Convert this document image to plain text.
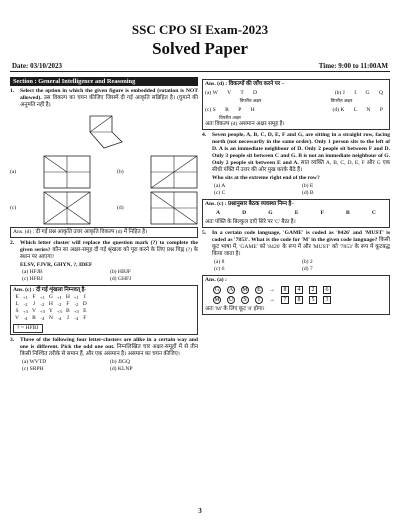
SSC CPO SI Exam-2023
Solved Paper
Date: 03/10/2023	Time: 9:00 to 11:00AM
Section : General Intelligence and Reasoning
1.	Select the option in which the given figure is embedded (rotation is NOT allowed). उस विकल्प का चयन कीजिए जिसमें दी गई आकृति सन्निहित है। (घुमाने की अनुमति नहीं है)
(a)	(b)
(c)	(d)
Ans. (d) : दी गई प्रश्न आकृति उत्तर आकृति विकल्प (d) में निहित है।
2.	Which letter cluster will replace the question mark (?) to complete the given series? कौन सा अक्षर-समूह दी गई श्रृंखला को पूरा करने के लिए प्रश्न चिह्न (?) के स्थान पर आएगा?
ELSV, FJVR, GHYN, ?, IDEF
(a) HFJB	(b) HBJF
(c) HFBJ	(d) GHFJ
Ans. (c) : दी गई शृंखला निम्नवत् है-
E	+1	F	+1	G	+1	H	+1	I
L	-2	J	-2	H	-2	F	-2	D
S	+3	V	+3	Y	+3	B	+3	E
V	-4	R	-4	N	-4	J	-4	F
? = HFBJ
3.	Three of the following four letter-clusters are alike in a certain way and one is different. Pick the odd one out. निम्नलिखित चार अक्षर-समूहों में से तीन किसी निश्चित तरीके से समान हैं, और एक असमान है। असमान का चयन कीजिए।
(a) WVTD	(b) JIGQ
(c) SRPH	(d) KLNP
Ans. (d) : विकल्पों की जाँच करने पर –
(a) W V T D	(b) J I G Q
विपरीत अक्षर	विपरीत अक्षर
(c) S R P H	(d) K L N P
विपरीत अक्षर
अतः विकल्प (d) असमान अक्षर समूह है।
4.	Seven people, A, B, C, D, E, F and G, are sitting in a straight row, facing north (not necessarily in the same order). Only 1 person sits to the left of D. A is an immediate neighbour of D. Only 2 people sit between F and D. Only 3 people sit between C and G. B is not an immediate neighbour of G. Only 2 people sit between E and A. सात व्यक्ति A, B, C, D, E, F और G एक सीधी पंक्ति में उत्तर की ओर मुख करके बैठे हैं।
Who sits at the extreme right end of the row?
(a) A	(b) E
(c) C	(d) B
Ans. (c) : प्रश्नानुसार बैठक व्यवस्था निम्न है–
A	D	G	E	F	B	C
अतः पंक्ति के बिल्कुल दाएँ सिरे पर 'C' बैठा है।
5.	In a certain code language, 'GAME' is coded as '8426' and 'MUST' is coded as '7853'. What is the code for 'M' in the given code language? किसी कूट भाषा में, 'GAME' को '8426' के रूप में और 'MUST' को '7853' के रूप में कूटबद्ध किया जाता है।
(a) 8	(b) 2
(c) 6	(d) 7
Ans. (a) :
G	A	M	E	→	8	4	2	6
M	U	S	T	→	7	8	5	3
अतः 'M' के लिए कूट '8' होगा।
3
